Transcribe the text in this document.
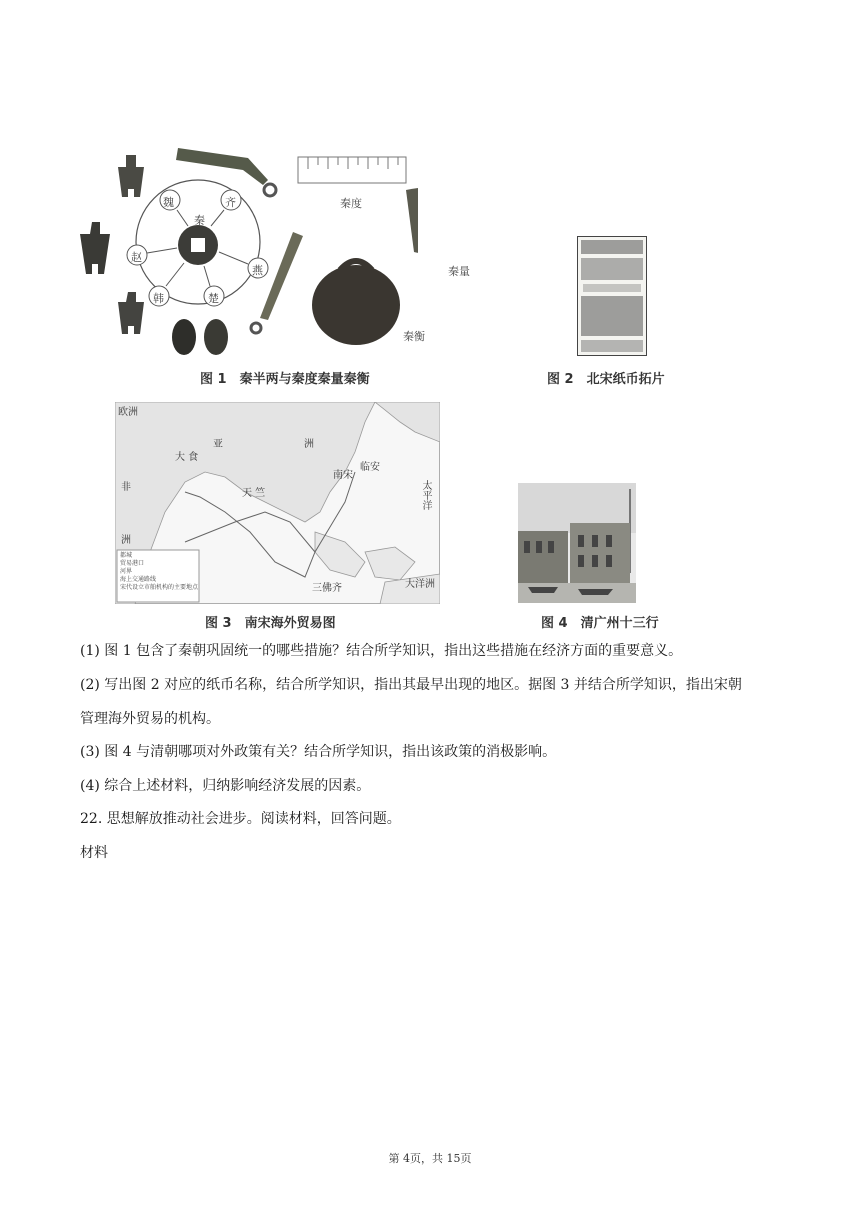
魏	齐
秦
赵
燕
韩	楚
秦度
秦量
秦衡
图 1　秦半两与秦度秦量秦衡	图 2　北宋纸币拓片
欧洲
亚	洲
大 食
非
洲
天 竺
临安
南宋
太平洋
三佛齐	大洋洲
都城
贸易港口
河界
海上交通路线
宋代设立市舶机构的主要地点
图 3　南宋海外贸易图	图 4　清广州十三行
(1) 图 1 包含了秦朝巩固统一的哪些措施？结合所学知识，指出这些措施在经济方面的重要意义。
(2) 写出图 2 对应的纸币名称，结合所学知识，指出其最早出现的地区。据图 3 并结合所学知识，指出宋朝
管理海外贸易的机构。
(3) 图 4 与清朝哪项对外政策有关？结合所学知识，指出该政策的消极影响。
(4) 综合上述材料，归纳影响经济发展的因素。
22. 思想解放推动社会进步。阅读材料，回答问题。
材料
第 4页，共 15页
